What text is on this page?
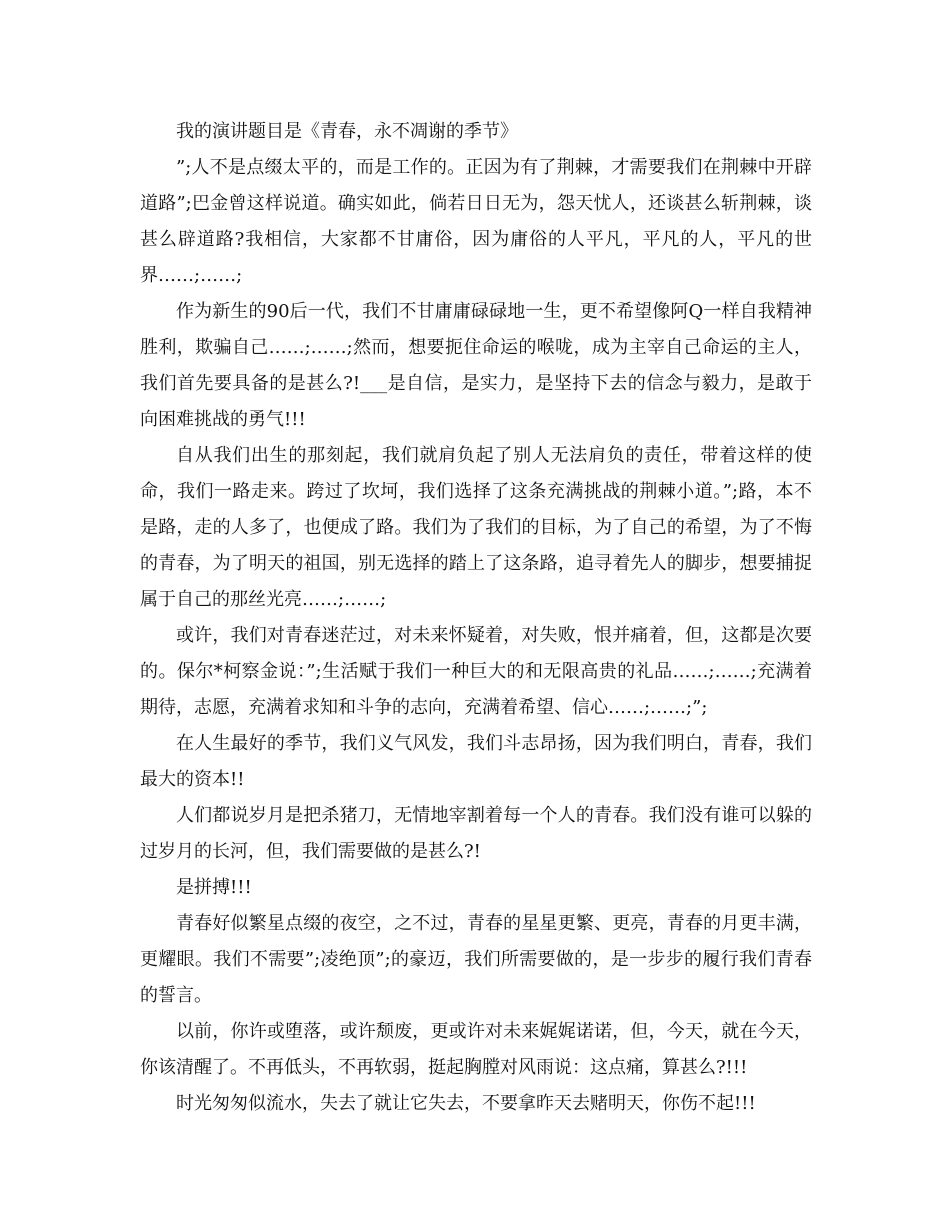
我的演讲题目是《青春，永不凋谢的季节》

”;人不是点缀太平的，而是工作的。正因为有了荆棘，才需要我们在荆棘中开辟道路”;巴金曾这样说道。确实如此，倘若日日无为，怨天忧人，还谈甚么斩荆棘，谈甚么辟道路?我相信，大家都不甘庸俗，因为庸俗的人平凡，平凡的人，平凡的世界……;……;

作为新生的90后一代，我们不甘庸庸碌碌地一生，更不希望像阿Q一样自我精神胜利，欺骗自己……;……;然而，想要扼住命运的喉咙，成为主宰自己命运的主人，我们首先要具备的是甚么?!___是自信，是实力，是坚持下去的信念与毅力，是敢于向困难挑战的勇气!!!

自从我们出生的那刻起，我们就肩负起了别人无法肩负的责任，带着这样的使命，我们一路走来。跨过了坎坷，我们选择了这条充满挑战的荆棘小道。”;路，本不是路，走的人多了，也便成了路。我们为了我们的目标，为了自己的希望，为了不悔的青春，为了明天的祖国，别无选择的踏上了这条路，追寻着先人的脚步，想要捕捉属于自己的那丝光亮……;……;

或许，我们对青春迷茫过，对未来怀疑着，对失败，恨并痛着，但，这都是次要的。保尔*柯察金说：”;生活赋于我们一种巨大的和无限高贵的礼品……;……;充满着期待，志愿，充满着求知和斗争的志向，充满着希望、信心……;……;”;

在人生最好的季节，我们义气风发，我们斗志昂扬，因为我们明白，青春，我们最大的资本!!

人们都说岁月是把杀猪刀，无情地宰割着每一个人的青春。我们没有谁可以躲的过岁月的长河，但，我们需要做的是甚么?!

是拼搏!!!

青春好似繁星点缀的夜空，之不过，青春的星星更繁、更亮，青春的月更丰满，更耀眼。我们不需要”;凌绝顶”;的豪迈，我们所需要做的，是一步步的履行我们青春的誓言。

以前，你许或堕落，或许颓废，更或许对未来娓娓诺诺，但，今天，就在今天，你该清醒了。不再低头，不再软弱，挺起胸膛对风雨说：这点痛，算甚么?!!!

时光匆匆似流水，失去了就让它失去，不要拿昨天去赌明天，你伤不起!!!
